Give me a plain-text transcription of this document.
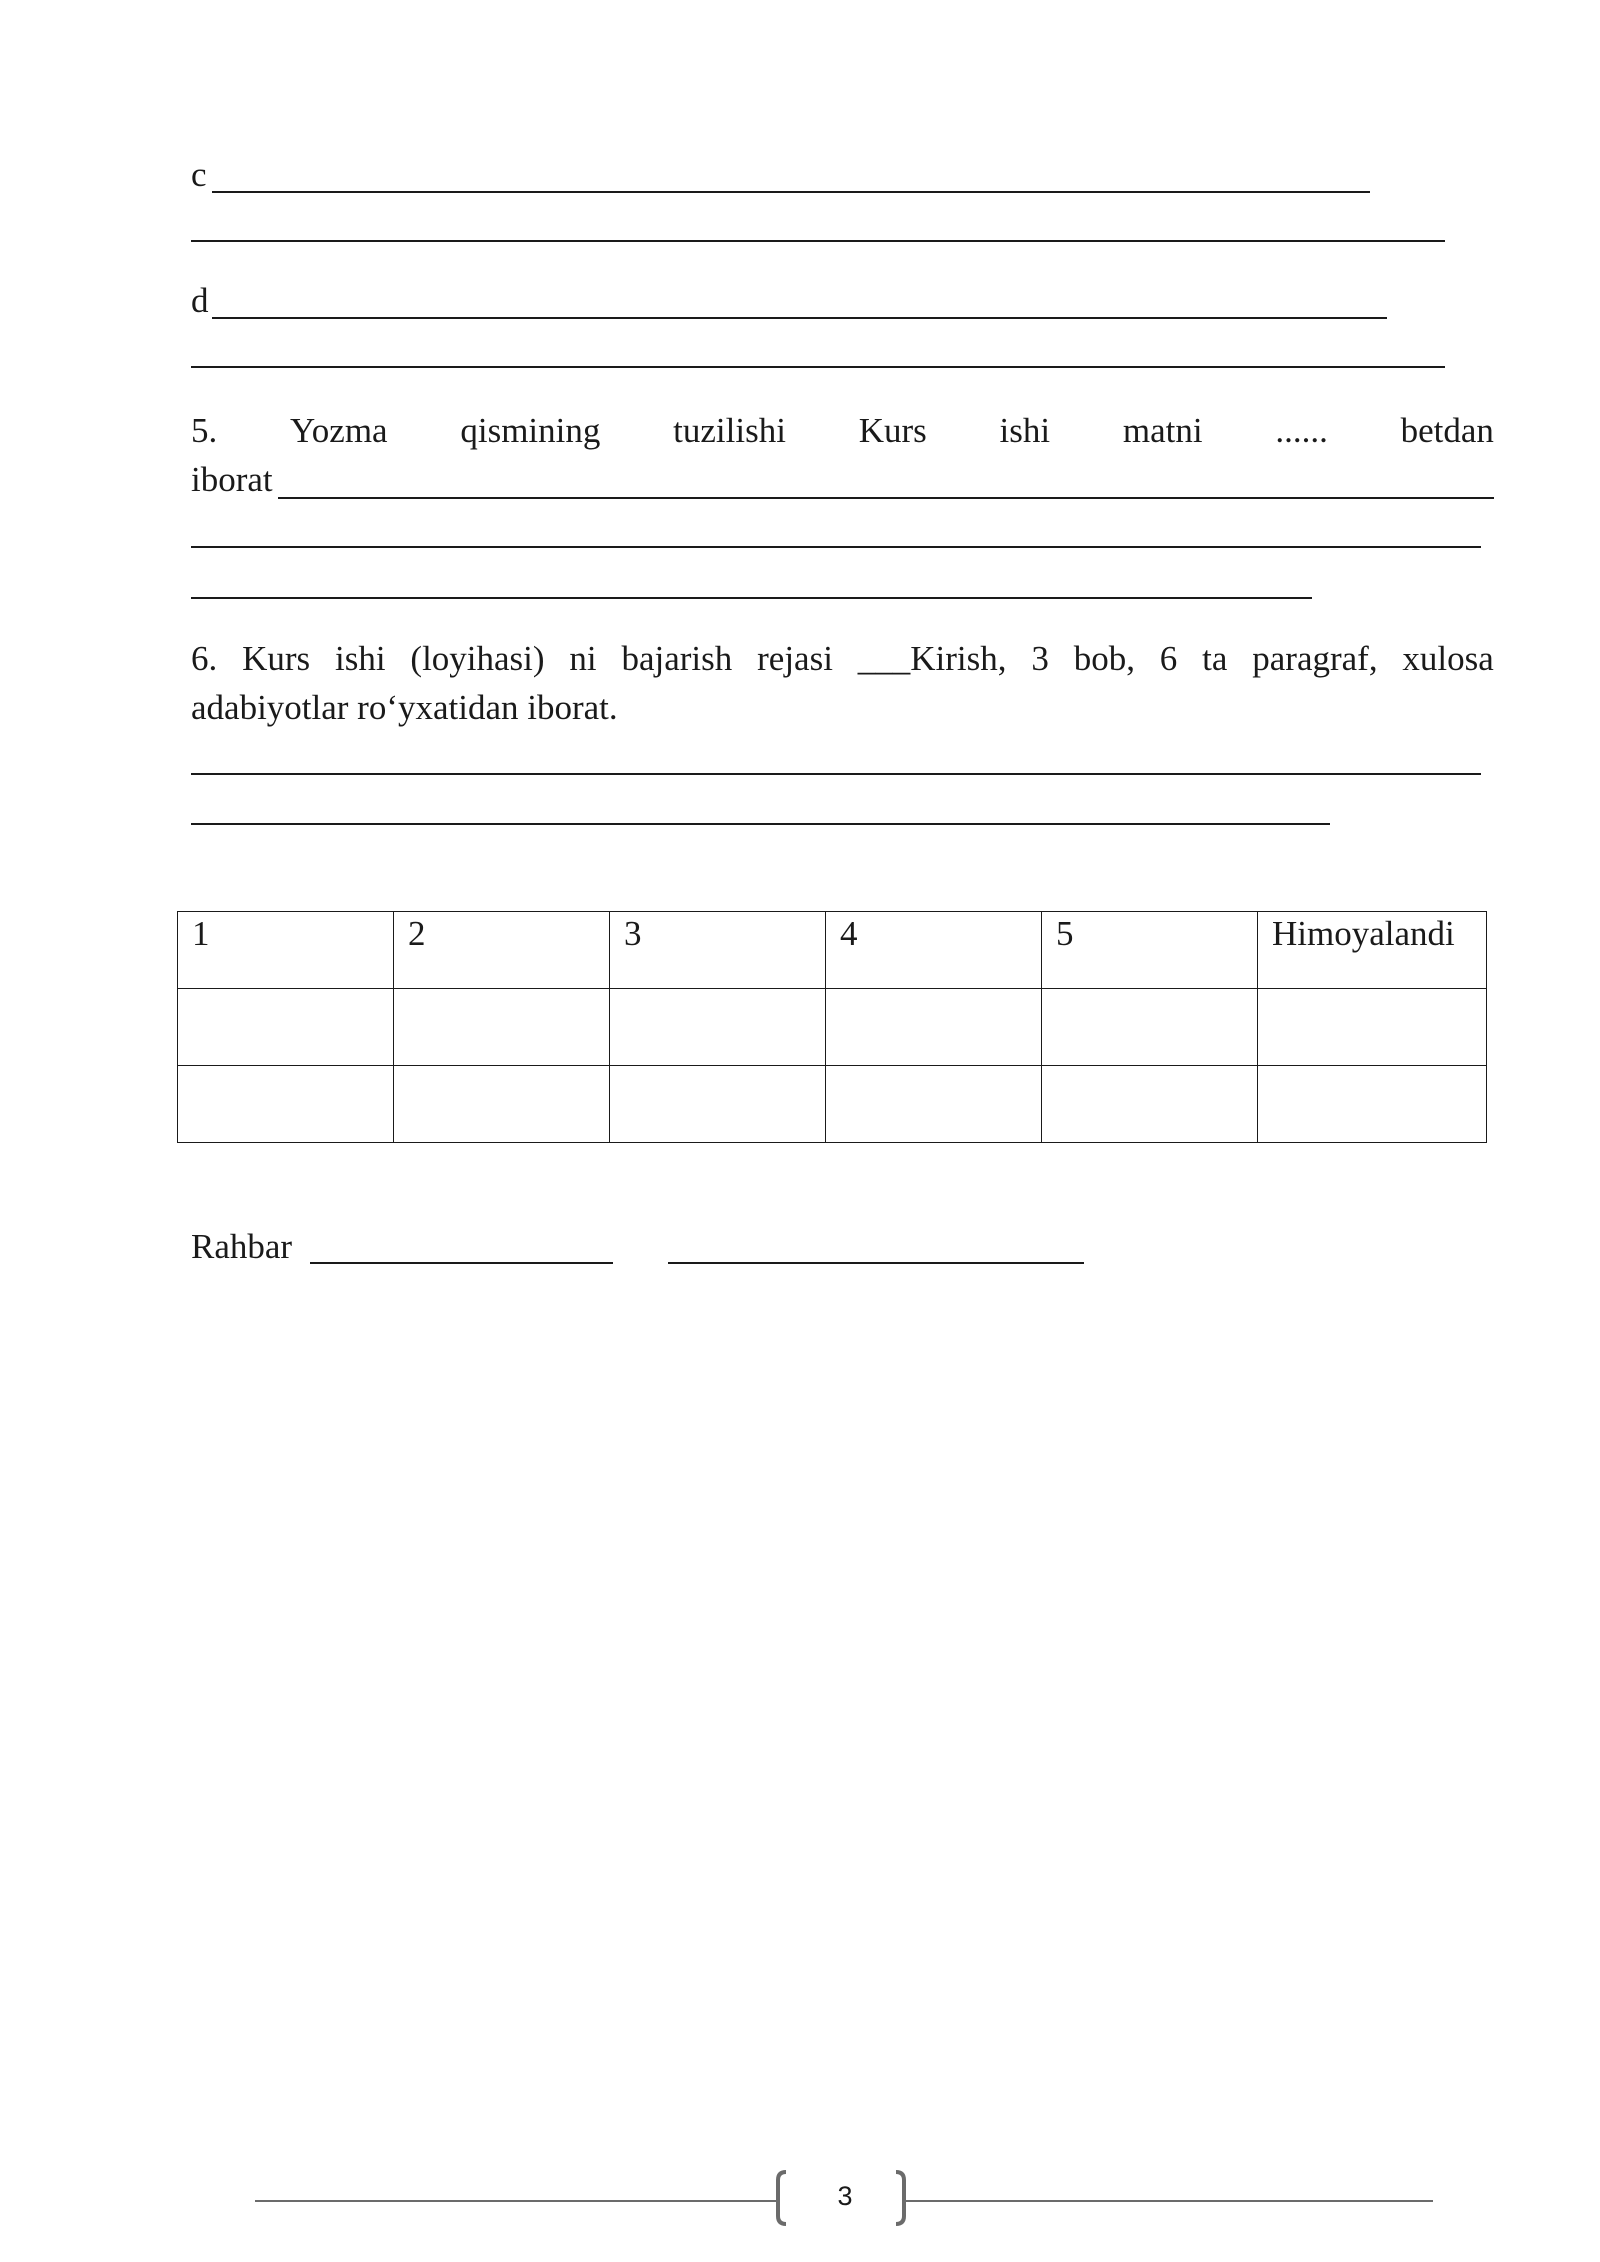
c
d
5. Yozma qismining tuzilishi Kurs ishi matni ...... betdan
iborat
6. Kurs ishi (loyihasi) ni bajarish rejasi ___Kirish, 3 bob, 6 ta paragraf, xulosa
adabiyotlar ro‘yxatidan iborat.
1	2	3	4	5	Himoyalandi

Rahbar
3
